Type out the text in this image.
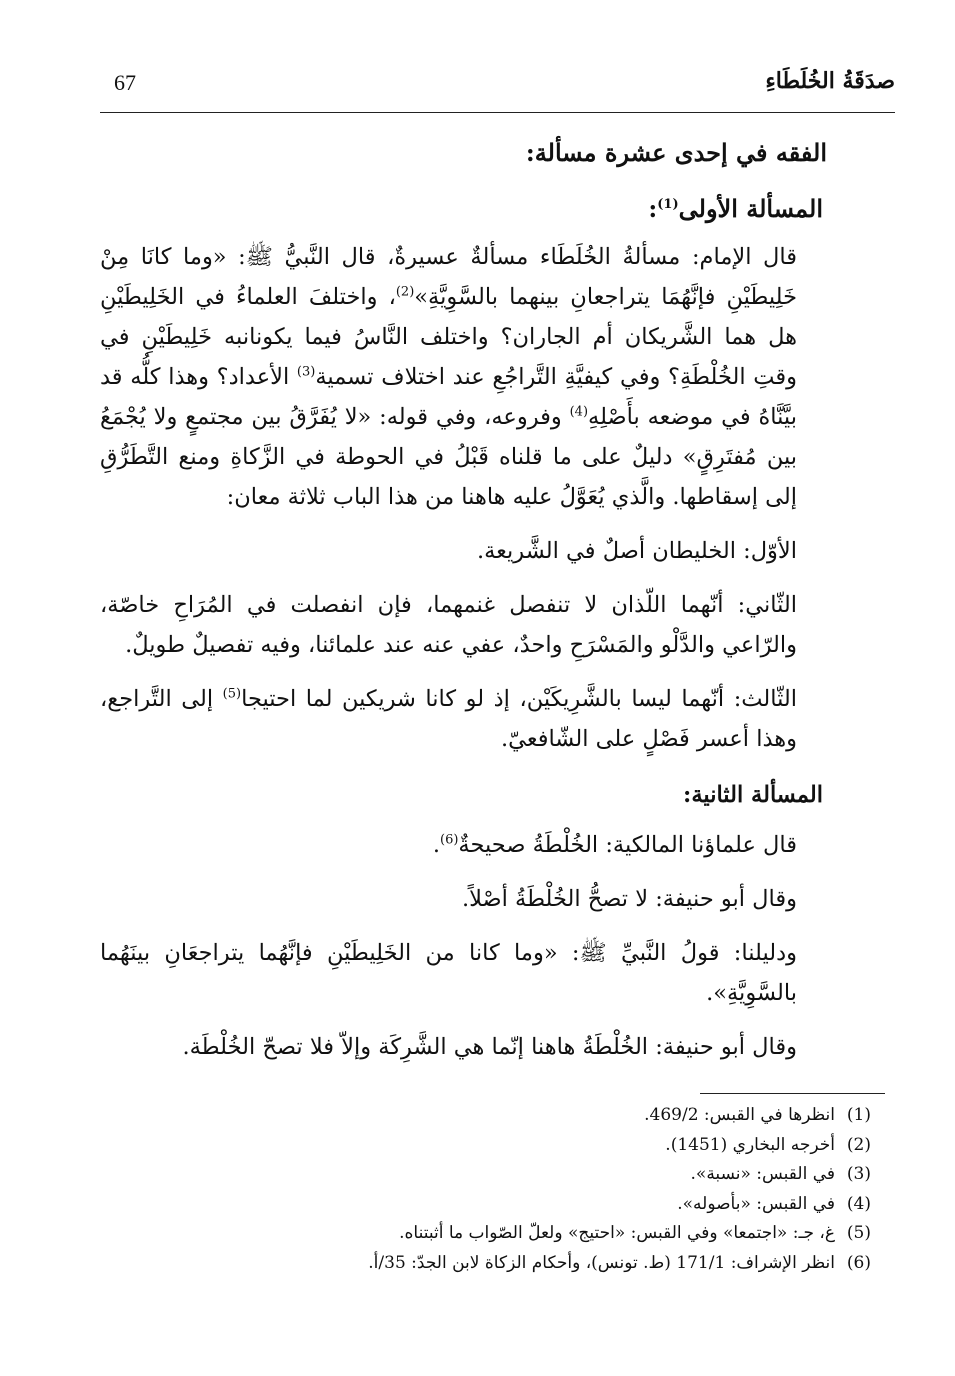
67	صدَقَةُ الخُلَطَاءِ

الفقه في إحدى عشرة مسألة:

المسألة الأولى$^{(1)}$:

قال الإمام: مسألةُ الخُلَطَاء مسألةٌ عسيرةٌ، قال النَّبيُّ ﷺ: «وما كانَا مِنْ خَلِيطَيْنِ فإنَّهُمَا يتراجعانِ بينهما بالسَّوِيَّةِ»$^{(2)}$، واختلفَ العلماءُ في الخَلِيطَيْنِ هل هما الشَّريكان أم الجاران؟ واختلف النَّاسُ فيما يكونانبه خَلِيطَيْنِ في وقتِ الخُلْطَةِ؟ وفي كيفيَّةِ التَّراجُعِ عند اختلاف تسمية$^{(3)}$ الأعداد؟ وهذا كلُّه قد بيَّنَّاهُ في موضعه بأَصْلِهِ$^{(4)}$ وفروعه، وفي قوله: «لا يُفَرَّقُ بين مجتمعٍ ولا يُجْمَعُ بين مُفتَرِقٍ» دليلٌ على ما قلناه قَبْلُ في الحوطة في الزَّكاةِ ومنع التَّطَرُّقِ إلى إسقاطها. والَّذي يُعَوَّلُ عليه هاهنا من هذا الباب ثلاثة معان:

الأوّل: الخليطان أصلٌ في الشَّريعة.

الثّاني: أنّهما اللّذان لا تنفصل غنمهما، فإن انفصلت في المُرَاحِ خاصّة، والرّاعي والدَّلْو والمَسْرَحِ واحدٌ، عفي عنه عند علمائنا، وفيه تفصيلٌ طويلٌ.

الثّالث: أنّهما ليسا بالشَّرِيكَيْن، إذ لو كانا شريكين لما احتيجا$^{(5)}$ إلى التَّراجع، وهذا أعسر فَصْلٍ على الشّافعيّ.

المسألة الثانية:

قال علماؤنا المالكية: الخُلْطَةُ صحيحةٌ$^{(6)}$.

وقال أبو حنيفة: لا تصحُّ الخُلْطَةُ أصْلاً.

ودليلنا: قولُ النَّبيِّ ﷺ: «وما كانا من الخَلِيطَيْنِ فإنَّهُما يتراجعَانِ بينَهُما بالسَّوِيَّةِ».

وقال أبو حنيفة: الخُلْطَةُ هاهنا إنّما هي الشَّرِكَة وإلاّ فلا تصحّ الخُلْطَة.

(1)
انظرها في القبس: 469/2.
(2)
أخرجه البخاري (1451).
(3)
في القبس: «نسبة».
(4)
في القبس: «بأصوله».
(5)
غ، جـ: «اجتمعا» وفي القبس: «احتيج» ولعلّ الصّواب ما أثبتناه.
(6)
انظر الإشراف: 171/1 (ط. تونس)، وأحكام الزكاة لابن الجدّ: 35/أ.
